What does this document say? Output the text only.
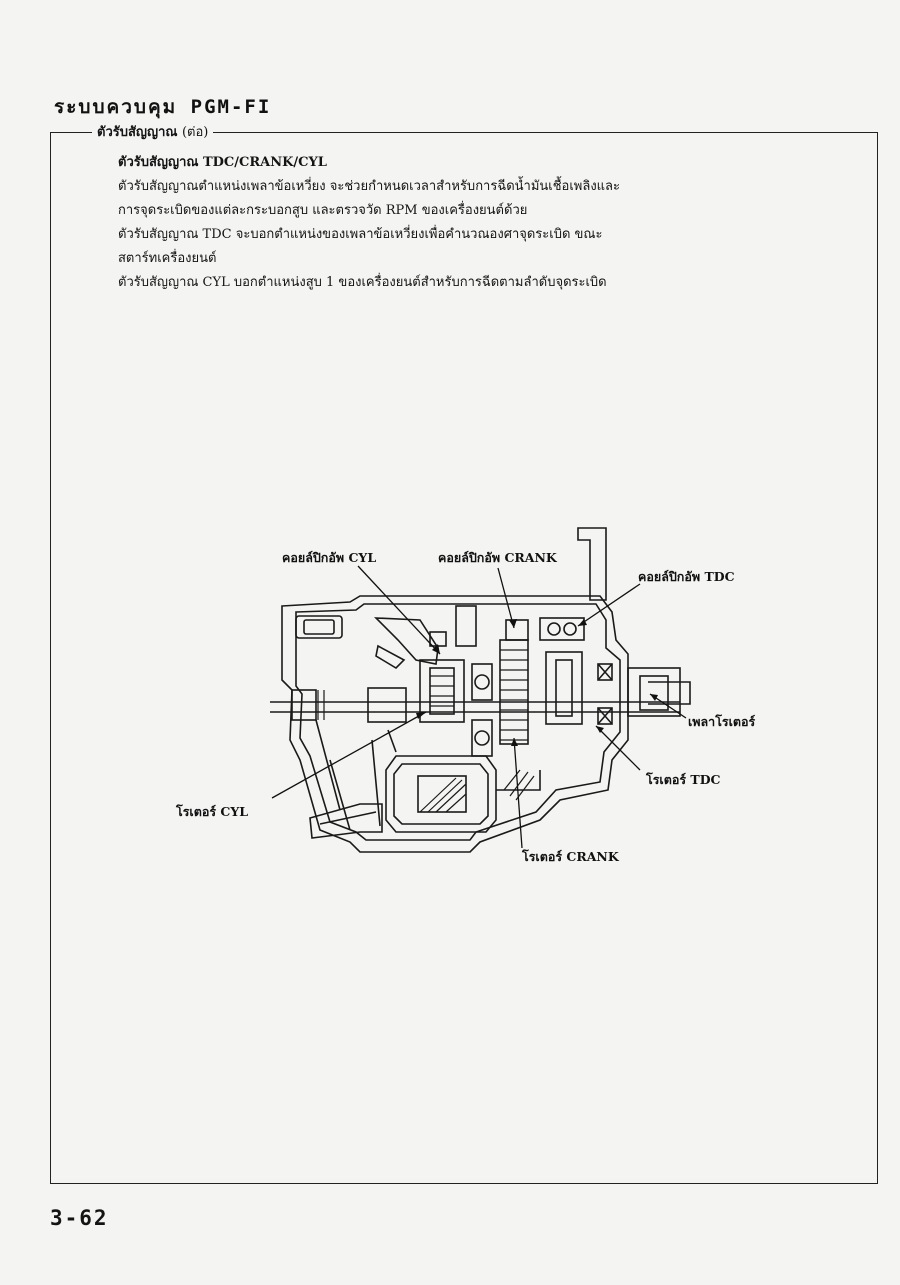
ระบบควบคุม PGM-FI
ตัวรับสัญญาณ (ต่อ)
ตัวรับสัญญาณ TDC/CRANK/CYL
ตัวรับสัญญาณตำแหน่งเพลาข้อเหวี่ยง จะช่วยกำหนดเวลาสำหรับการฉีดน้ำมันเชื้อเพลิงและ
การจุดระเบิดของแต่ละกระบอกสูบ และตรวจวัด RPM ของเครื่องยนต์ด้วย
ตัวรับสัญญาณ TDC จะบอกตำแหน่งของเพลาข้อเหวี่ยงเพื่อคำนวณองศาจุดระเบิด ขณะ
สตาร์ทเครื่องยนต์
ตัวรับสัญญาณ CYL บอกตำแหน่งสูบ 1 ของเครื่องยนต์สำหรับการฉีดตามลำดับจุดระเบิด
คอยล์ปิกอัพ CYL	คอยล์ปิกอัพ CRANK
คอยล์ปิกอัพ TDC
เพลาโรเตอร์
โรเตอร์ TDC
โรเตอร์ CYL
โรเตอร์ CRANK
3-62
